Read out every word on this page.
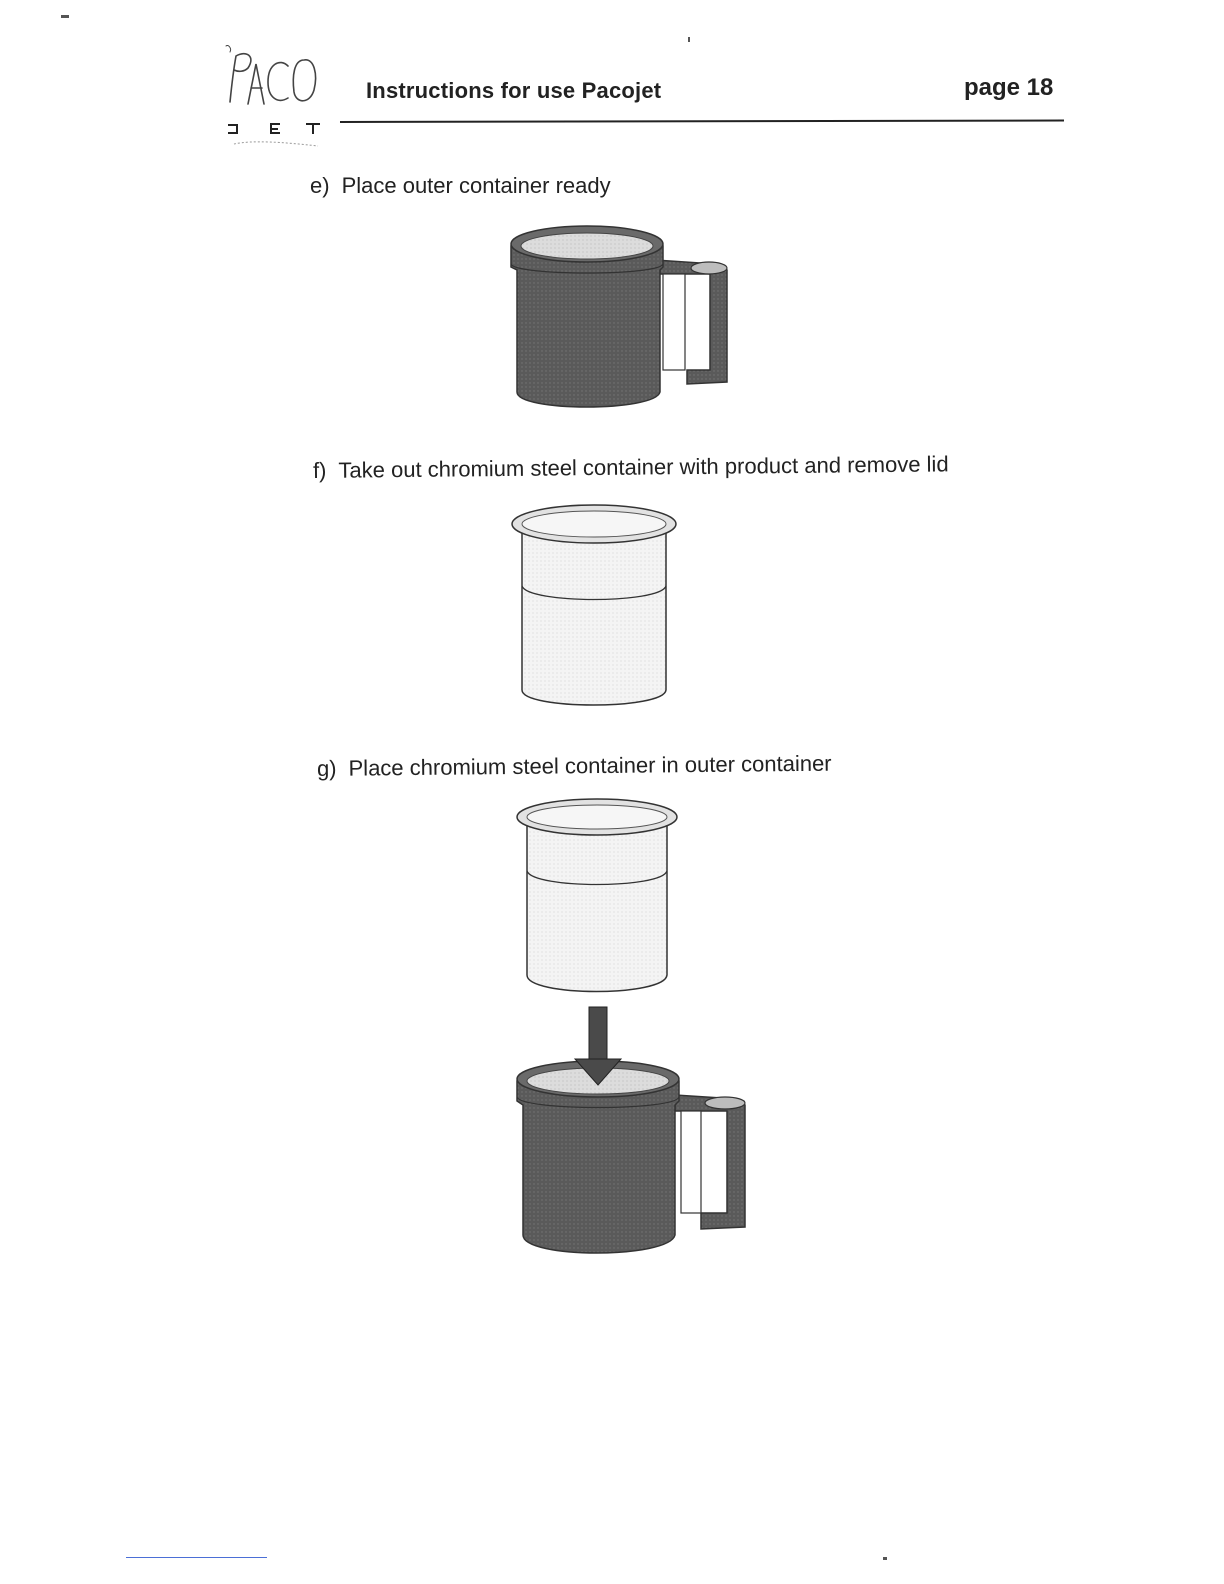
Instructions for use Pacojet	page 18
e) Place outer container ready
f) Take out chromium steel container with product and remove lid
g) Place chromium steel container in outer container
